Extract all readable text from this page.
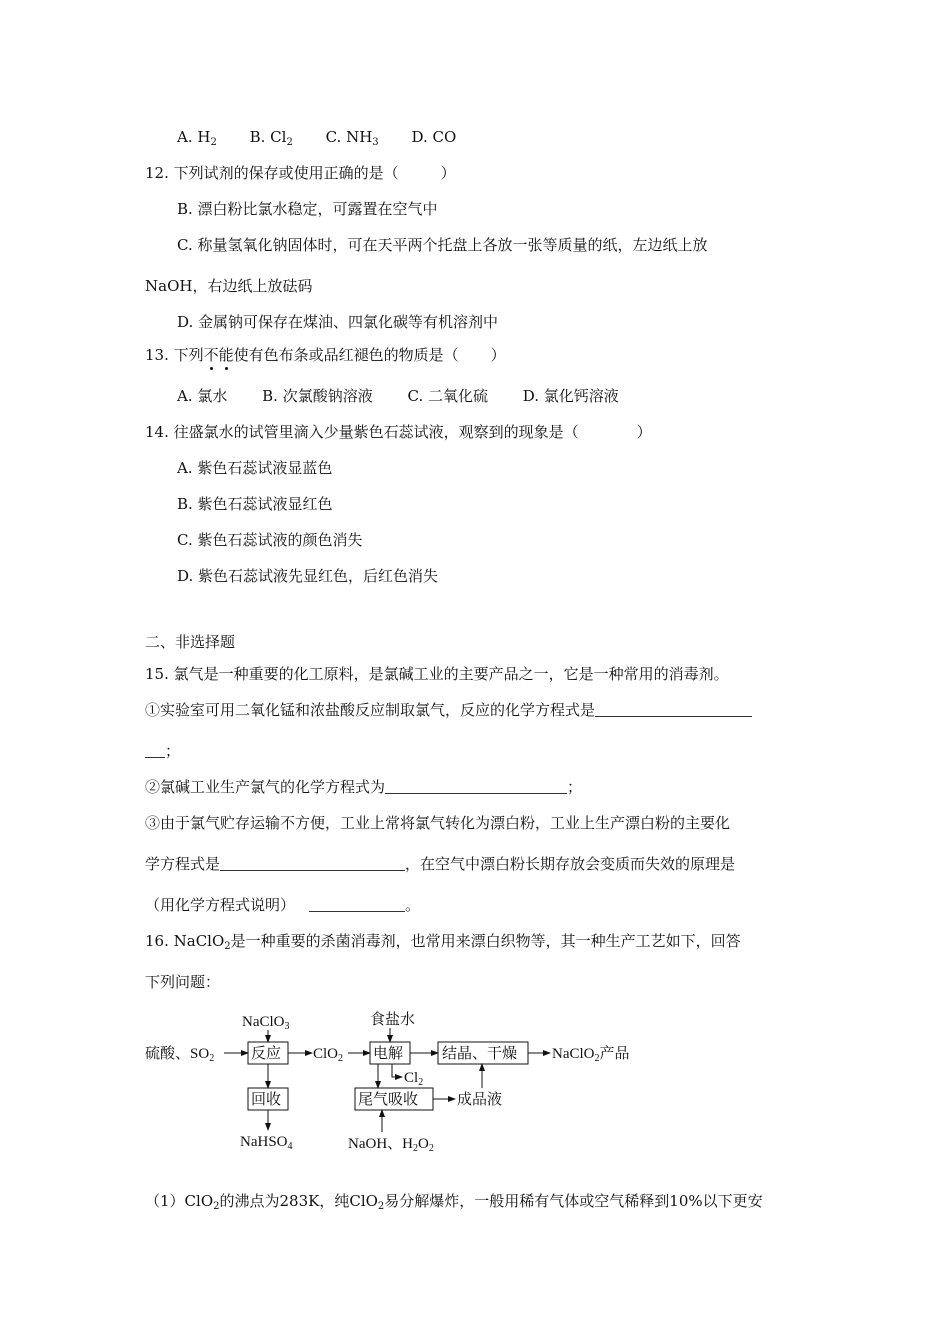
A. $H_2$ B. $Cl_2$ C. $NH_3$ D. CO
12. 下列试剂的保存或使用正确的是（	）
B. 漂白粉比氯水稳定，可露置在空气中
C. 称量氢氧化钠固体时，可在天平两个托盘上各放一张等质量的纸，左边纸上放
NaOH，右边纸上放砝码
D. 金属钠可保存在煤油、四氯化碳等有机溶剂中
13. 下列不能使有色布条或品红褪色的物质是（ ）
A. 氯水 B. 次氯酸钠溶液 C. 二氧化硫 D. 氯化钙溶液
14. 往盛氯水的试管里滴入少量紫色石蕊试液，观察到的现象是（	）
A. 紫色石蕊试液显蓝色
B. 紫色石蕊试液显红色
C. 紫色石蕊试液的颜色消失
D. 紫色石蕊试液先显红色，后红色消失
二、非选择题
15. 氯气是一种重要的化工原料，是氯碱工业的主要产品之一，它是一种常用的消毒剂。
①实验室可用二氧化锰和浓盐酸反应制取氯气，反应的化学方程式是
；
②氯碱工业生产氯气的化学方程式为	；
③由于氯气贮存运输不方便，工业上常将氯气转化为漂白粉，工业上生产漂白粉的主要化
学方程式是	，在空气中漂白粉长期存放会变质而失效的原理是
（用化学方程式说明）	。
16. NaClO$_2$是一种重要的杀菌消毒剂，也常用来漂白织物等，其一种生产工艺如下，回答
下列问题：
NaClO$_3$
硫酸、$SO_2$ 反应 ClO$_2$
食盐水
电解
$Cl_2$
结晶、干燥 NaClO$_2$产品
回收	尾气吸收	成品液
NaHSO$_4$	NaOH、$H_2O_2$
（1）ClO$_2$的沸点为283K，纯ClO$_2$易分解爆炸，一般用稀有气体或空气稀释到10%以下更安
